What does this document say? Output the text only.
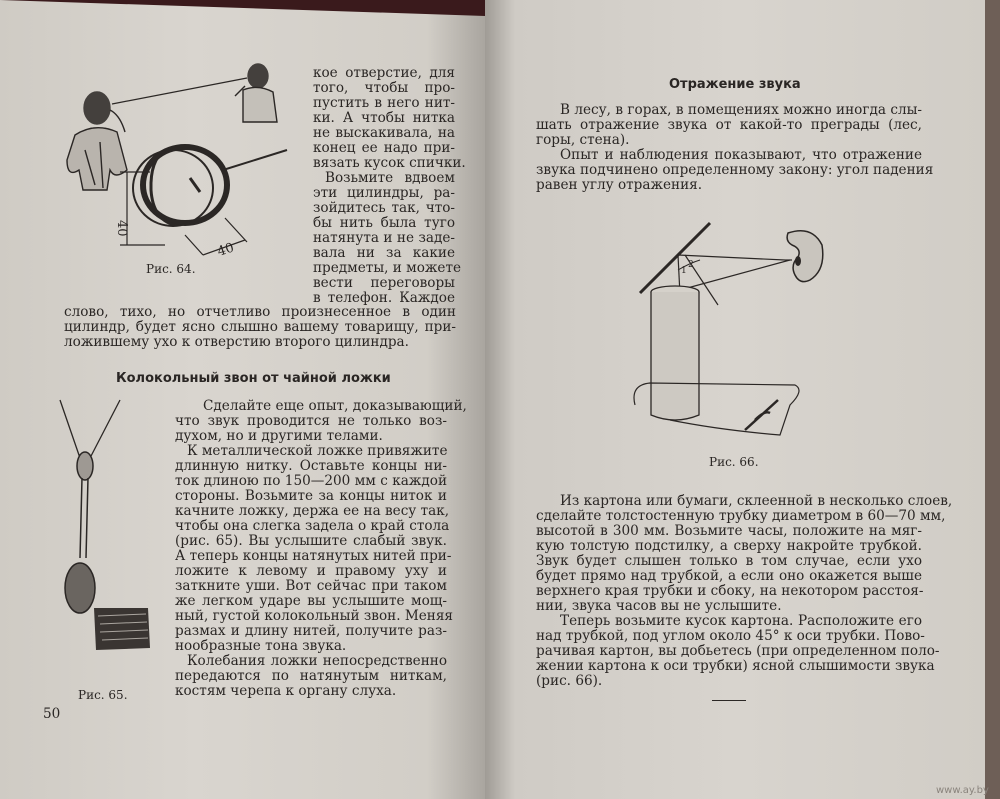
40
40
Рис. 64.
кое отверстие, для
того, чтобы про-
пустить в него нит-
ки. А чтобы нитка
не выскакивала, на
конец ее надо при-
вязать кусок спички.
Возьмите вдвоем
эти цилиндры, ра-
зойдитесь так, что-
бы нить была туго
натянута и не заде-
вала ни за какие
предметы, и можете
вести переговоры
в телефон. Каждое
слово, тихо, но отчетливо произнесенное в один
цилиндр, будет ясно слышно вашему товарищу, при-
ложившему ухо к отверстию второго цилиндра.
Колокольный звон от чайной ложки
Рис. 65.
Сделайте еще опыт, доказывающий,
что звук проводится не только воз-
духом, но и другими телами.
К металлической ложке привяжите
длинную нитку. Оставьте концы ни-
ток длиною по 150—200 мм с каждой
стороны. Возьмите за концы ниток и
качните ложку, держа ее на весу так,
чтобы она слегка задела о край стола
(рис. 65). Вы услышите слабый звук.
А теперь концы натянутых нитей при-
ложите к левому и правому уху и
заткните уши. Вот сейчас при таком
же легком ударе вы услышите мощ-
ный, густой колокольный звон. Меняя
размах и длину нитей, получите раз-
нообразные тона звука.
Колебания ложки непосредственно
передаются по натянутым ниткам,
костям черепа к органу слуха.
50
Отражение звука
В лесу, в горах, в помещениях можно иногда слы-
шать отражение звука от какой-то преграды (лес,
горы, стена).
Опыт и наблюдения показывают, что отражение
звука подчинено определенному закону: угол падения
равен углу отражения.
1
2
Рис. 66.
Из картона или бумаги, склеенной в несколько слоев,
сделайте толстостенную трубку диаметром в 60—70 мм,
высотой в 300 мм. Возьмите часы, положите на мяг-
кую толстую подстилку, а сверху накройте трубкой.
Звук будет слышен только в том случае, если ухо
будет прямо над трубкой, а если оно окажется выше
верхнего края трубки и сбоку, на некотором расстоя-
нии, звука часов вы не услышите.
Теперь возьмите кусок картона. Расположите его
над трубкой, под углом около 45° к оси трубки. Пово-
рачивая картон, вы добьетесь (при определенном поло-
жении картона к оси трубки) ясной слышимости звука
(рис. 66).
www.ay.by
